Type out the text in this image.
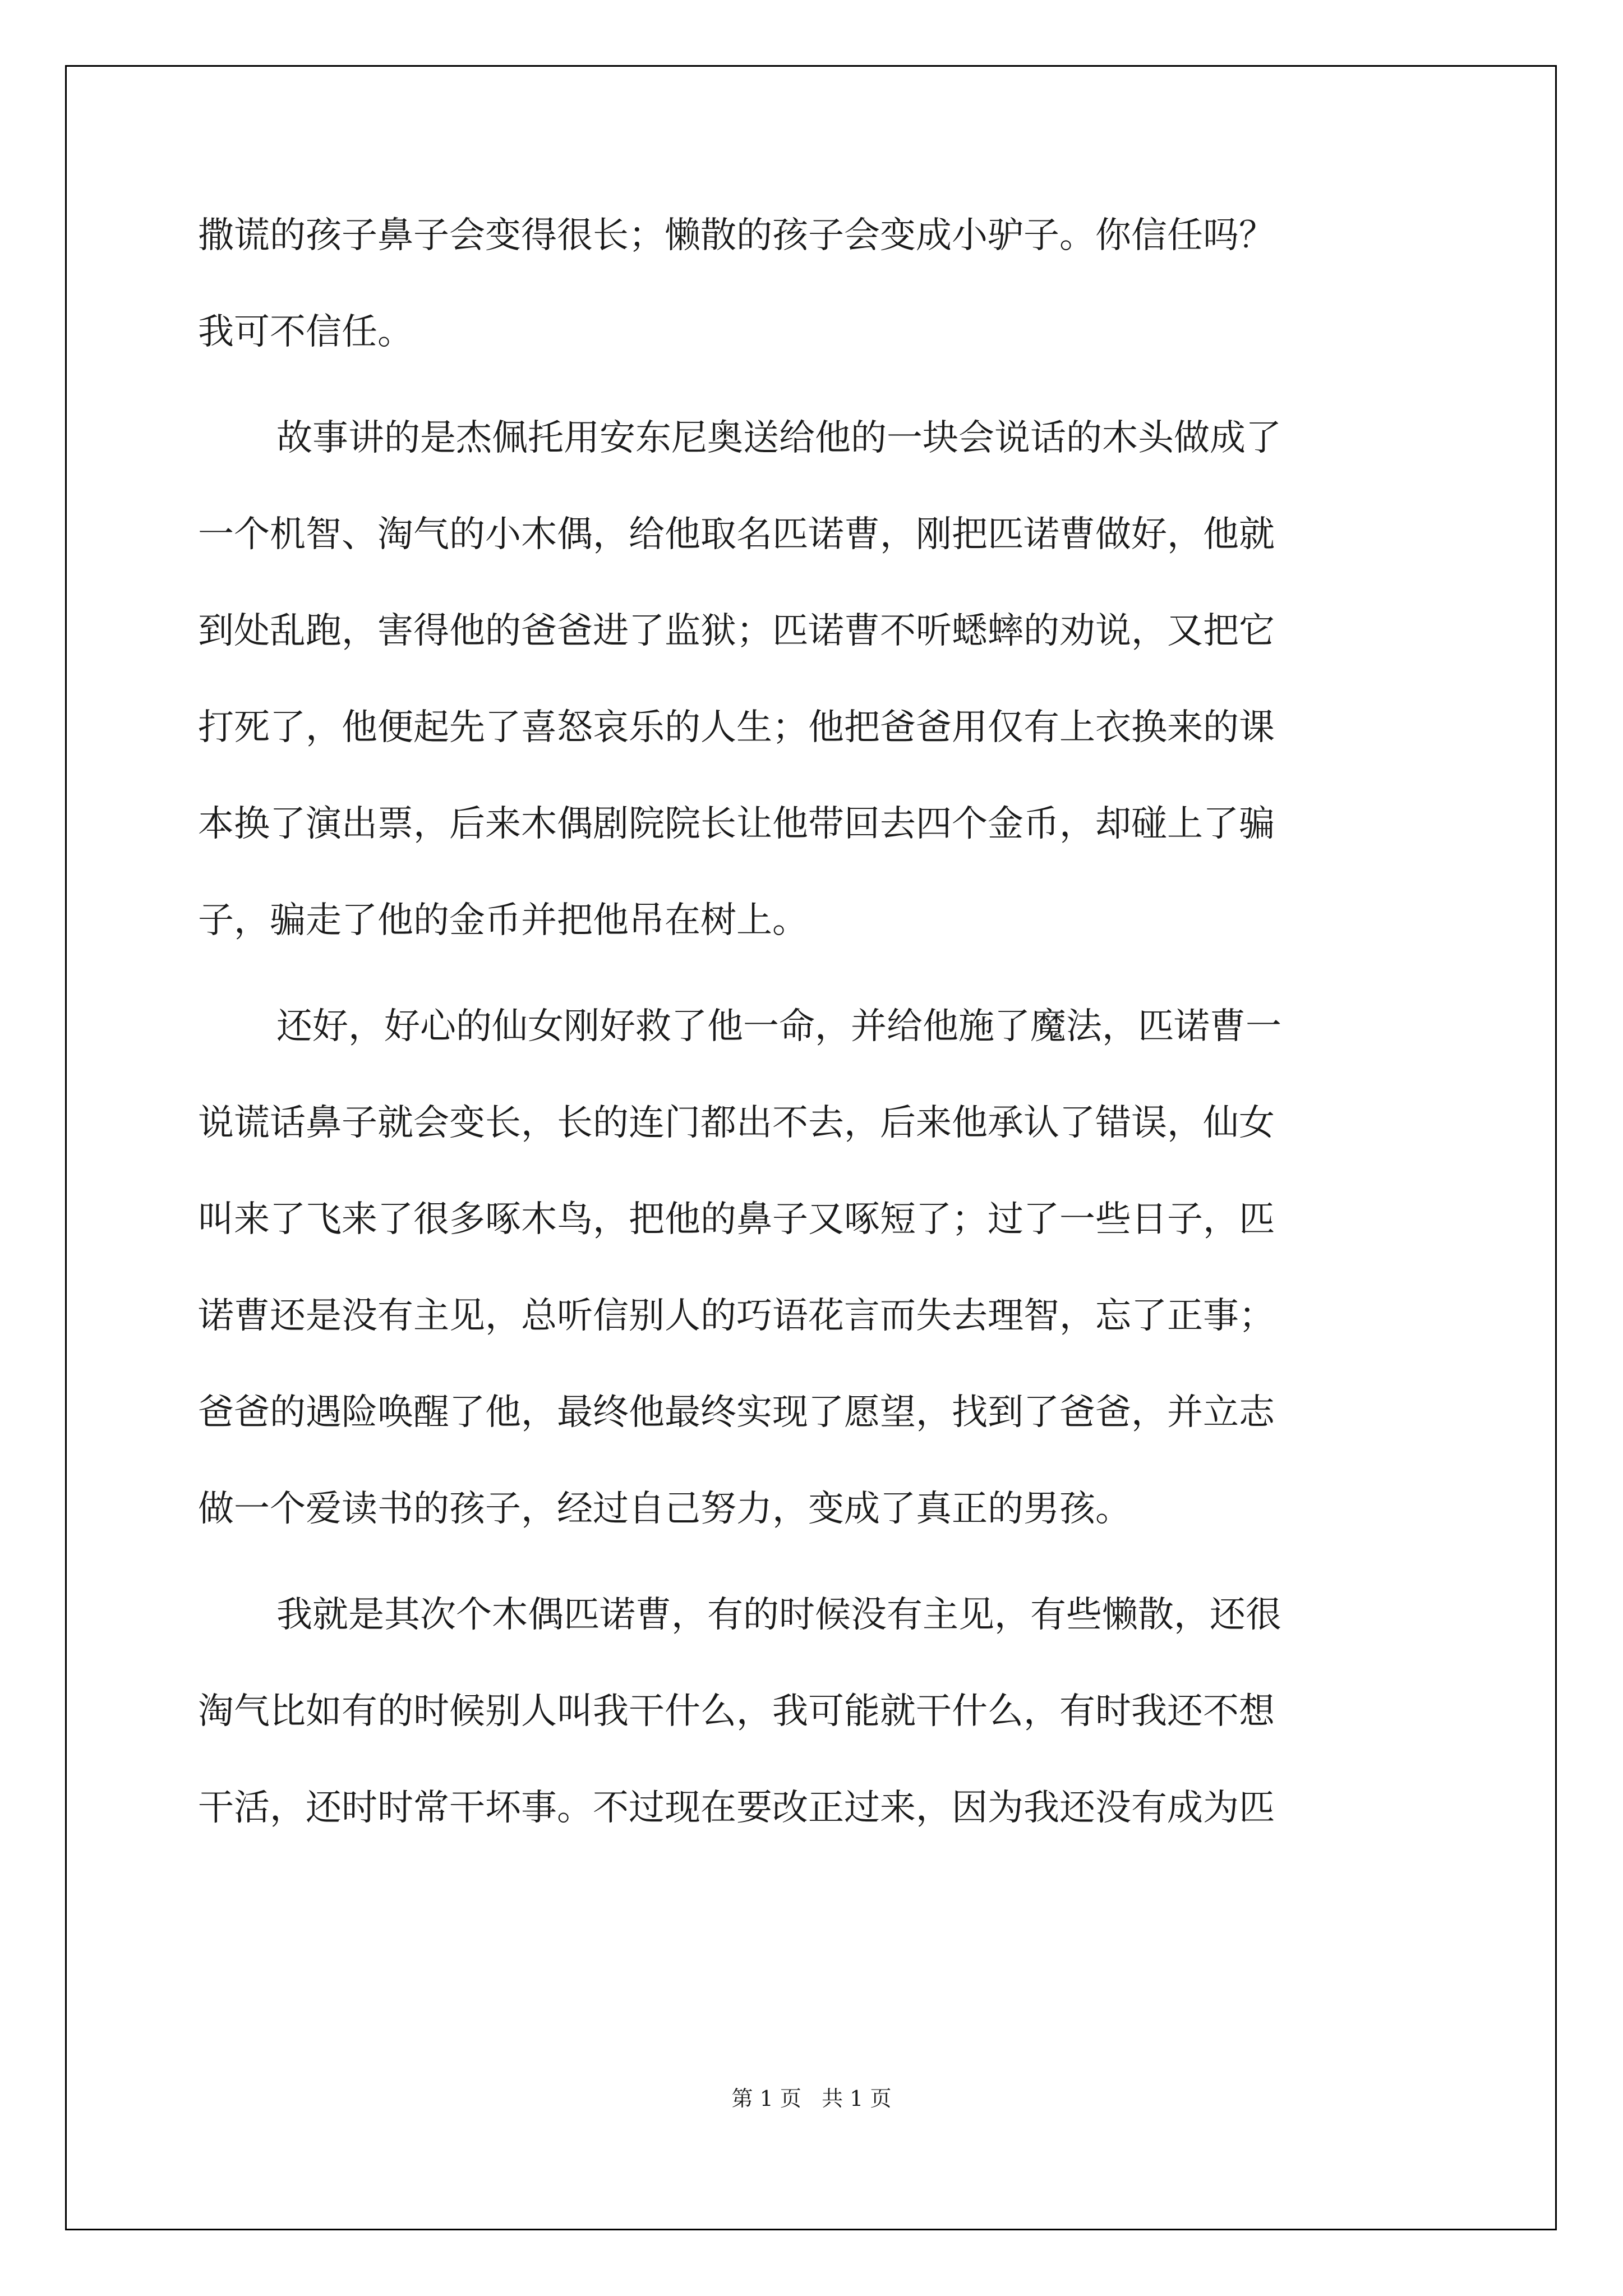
撒谎的孩子鼻子会变得很长；懒散的孩子会变成小驴子。你信任吗？
我可不信任。
故事讲的是杰佩托用安东尼奥送给他的一块会说话的木头做成了
一个机智、淘气的小木偶，给他取名匹诺曹，刚把匹诺曹做好，他就
到处乱跑，害得他的爸爸进了监狱；匹诺曹不听蟋蟀的劝说，又把它
打死了，他便起先了喜怒哀乐的人生；他把爸爸用仅有上衣换来的课
本换了演出票，后来木偶剧院院长让他带回去四个金币，却碰上了骗
子，骗走了他的金币并把他吊在树上。
还好，好心的仙女刚好救了他一命，并给他施了魔法，匹诺曹一
说谎话鼻子就会变长，长的连门都出不去，后来他承认了错误，仙女
叫来了飞来了很多啄木鸟，把他的鼻子又啄短了；过了一些日子，匹
诺曹还是没有主见，总听信别人的巧语花言而失去理智，忘了正事；
爸爸的遇险唤醒了他，最终他最终实现了愿望，找到了爸爸，并立志
做一个爱读书的孩子，经过自己努力，变成了真正的男孩。
我就是其次个木偶匹诺曹，有的时候没有主见，有些懒散，还很
淘气比如有的时候别人叫我干什么，我可能就干什么，有时我还不想
干活，还时时常干坏事。不过现在要改正过来，因为我还没有成为匹
第 1 页   共 1 页
